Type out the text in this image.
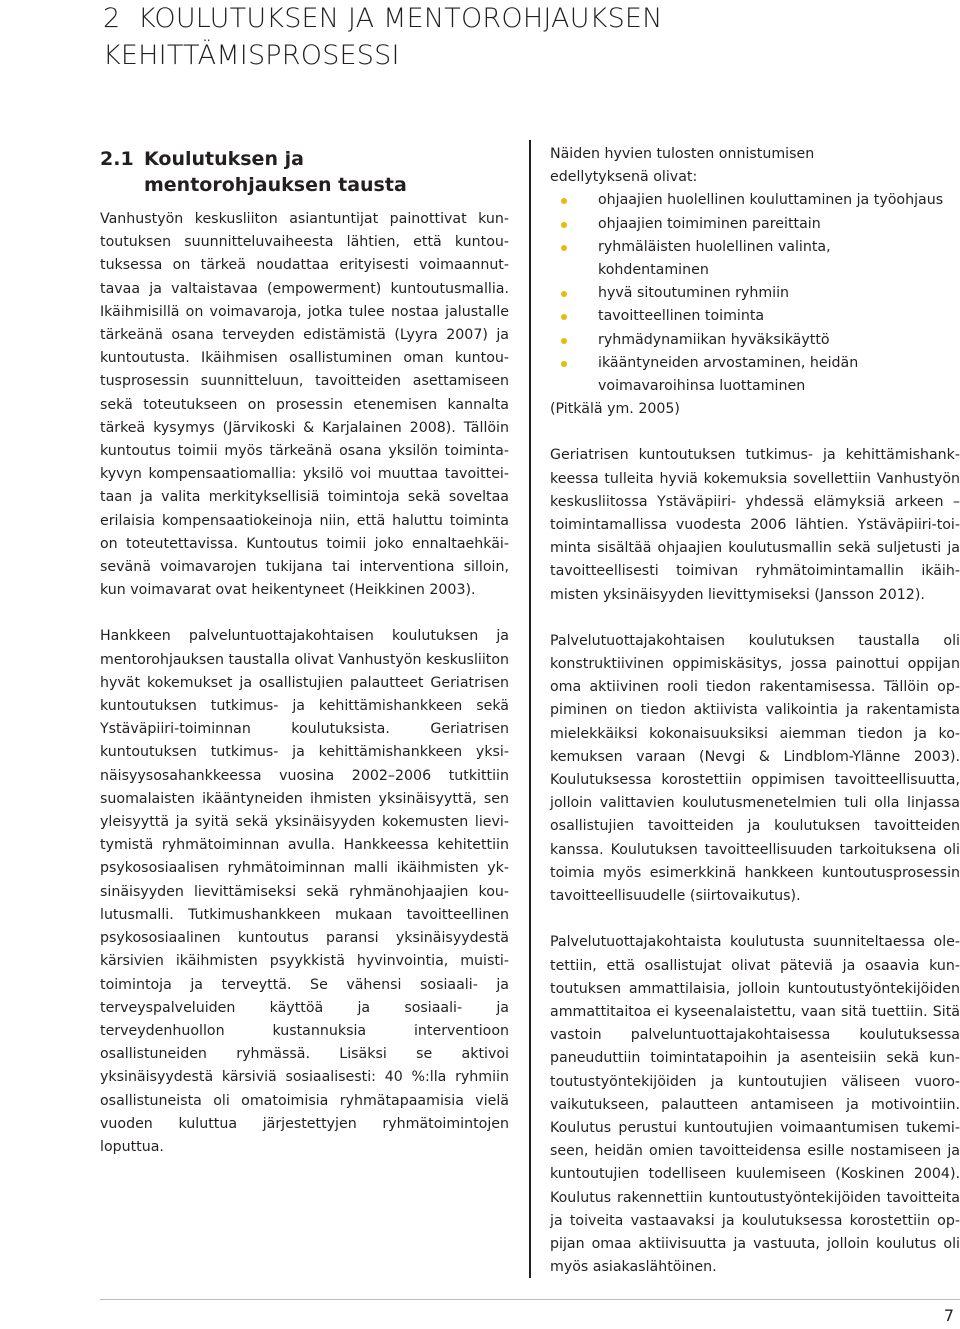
2  KOULUTUKSEN JA MENTOROHJAUKSEN
KEHITTÄMISPROSESSI
2.1 Koulutuksen ja
mentorohjauksen tausta

Vanhustyön keskusliiton asiantuntijat painottivat kuntoutuksen suunnitteluvaiheesta lähtien, että kuntoutuksessa on tärkeä noudattaa erityisesti voimaannuttavaa ja valtaistavaa (empowerment) kuntoutusmallia. Ikäihmisillä on voimavaroja, jotka tulee nostaa jalustalle tärkeänä osana terveyden edistämistä (Lyyra 2007) ja kuntoutusta. Ikäihmisen osallistuminen oman kuntoutusprosessin suunnitteluun, tavoitteiden asettamiseen sekä toteutukseen on prosessin etenemisen kannalta tärkeä kysymys (Järvikoski & Karjalainen 2008). Tällöin kuntoutus toimii myös tärkeänä osana yksilön toimintakyvyn kompensaatiomallia: yksilö voi muuttaa tavoitteitaan ja valita merkityksellisiä toimintoja sekä soveltaa erilaisia kompensaatiokeinoja niin, että haluttu toiminta on toteutettavissa. Kuntoutus toimii joko ennaltaehkäisevänä voimavarojen tukijana tai interventiona silloin, kun voimavarat ovat heikentyneet (Heikkinen 2003).

Hankkeen palveluntuottajakohtaisen koulutuksen ja mentorohjauksen taustalla olivat Vanhustyön keskusliiton hyvät kokemukset ja osallistujien palautteet Geriatrisen kuntoutuksen tutkimus- ja kehittämishankkeen sekä Ystäväpiiri-toiminnan koulutuksista. Geriatrisen kuntoutuksen tutkimus- ja kehittämishankkeen yksinäisyysosahankkeessa vuosina 2002–2006 tutkittiin suomalaisten ikääntyneiden ihmisten yksinäisyyttä, sen yleisyyttä ja syitä sekä yksinäisyyden kokemusten lievitymistä ryhmätoiminnan avulla. Hankkeessa kehitettiin psykososiaalisen ryhmätoiminnan malli ikäihmisten yksinäisyyden lievittämiseksi sekä ryhmänohjaajien koulutusmalli. Tutkimushankkeen mukaan tavoitteellinen psykososiaalinen kuntoutus paransi yksinäisyydestä kärsivien ikäihmisten psyykkistä hyvinvointia, muistitoimintoja ja terveyttä. Se vähensi sosiaali- ja terveyspalveluiden käyttöä ja sosiaali- ja terveydenhuollon kustannuksia interventioon osallistuneiden ryhmässä. Lisäksi se aktivoi yksinäisyydestä kärsiviä sosiaalisesti: 40 %:lla ryhmiin osallistuneista oli omatoimisia ryhmätapaamisia vielä vuoden kuluttua järjestettyjen ryhmätoimintojen loputtua.

Näiden hyvien tulosten onnistumisen
edellytyksenä olivat:

ohjaajien huolellinen kouluttaminen ja työohjaus
ohjaajien toimiminen pareittain
ryhmäläisten huolellinen valinta, kohdentaminen
hyvä sitoutuminen ryhmiin
tavoitteellinen toiminta
ryhmädynamiikan hyväksikäyttö
ikääntyneiden arvostaminen, heidän voimavaroihinsa luottaminen

(Pitkälä ym. 2005)

Geriatrisen kuntoutuksen tutkimus- ja kehittämishankkeessa tulleita hyviä kokemuksia sovellettiin Vanhustyön keskusliitossa Ystäväpiiri- yhdessä elämyksiä arkeen – toimintamallissa vuodesta 2006 lähtien. Ystäväpiiri-toiminta sisältää ohjaajien koulutusmallin sekä suljetusti ja tavoitteellisesti toimivan ryhmätoimintamallin ikäihmisten yksinäisyyden lievittymiseksi (Jansson 2012).

Palvelutuottajakohtaisen koulutuksen taustalla oli konstruktiivinen oppimiskäsitys, jossa painottui oppijan oma aktiivinen rooli tiedon rakentamisessa. Tällöin oppiminen on tiedon aktiivista valikointia ja rakentamista mielekkäiksi kokonaisuuksiksi aiemman tiedon ja kokemuksen varaan (Nevgi & Lindblom-Ylänne 2003). Koulutuksessa korostettiin oppimisen tavoitteellisuutta, jolloin valittavien koulutusmenetelmien tuli olla linjassa osallistujien tavoitteiden ja koulutuksen tavoitteiden kanssa. Koulutuksen tavoitteellisuuden tarkoituksena oli toimia myös esimerkkinä hankkeen kuntoutusprosessin tavoitteellisuudelle (siirtovaikutus).

Palvelutuottajakohtaista koulutusta suunniteltaessa oletettiin, että osallistujat olivat päteviä ja osaavia kuntoutuksen ammattilaisia, jolloin kuntoutustyöntekijöiden ammattitaitoa ei kyseenalaistettu, vaan sitä tuettiin. Sitä vastoin palveluntuottajakohtaisessa koulutuksessa paneuduttiin toimintatapoihin ja asenteisiin sekä kuntoutustyöntekijöiden ja kuntoutujien väliseen vuorovaikutukseen, palautteen antamiseen ja motivointiin. Koulutus perustui kuntoutujien voimaantumisen tukemiseen, heidän omien tavoitteidensa esille nostamiseen ja kuntoutujien todelliseen kuulemiseen (Koskinen 2004). Koulutus rakennettiin kuntoutustyöntekijöiden tavoitteita ja toiveita vastaavaksi ja koulutuksessa korostettiin oppijan omaa aktiivisuutta ja vastuuta, jolloin koulutus oli myös asiakaslähtöinen.

7
